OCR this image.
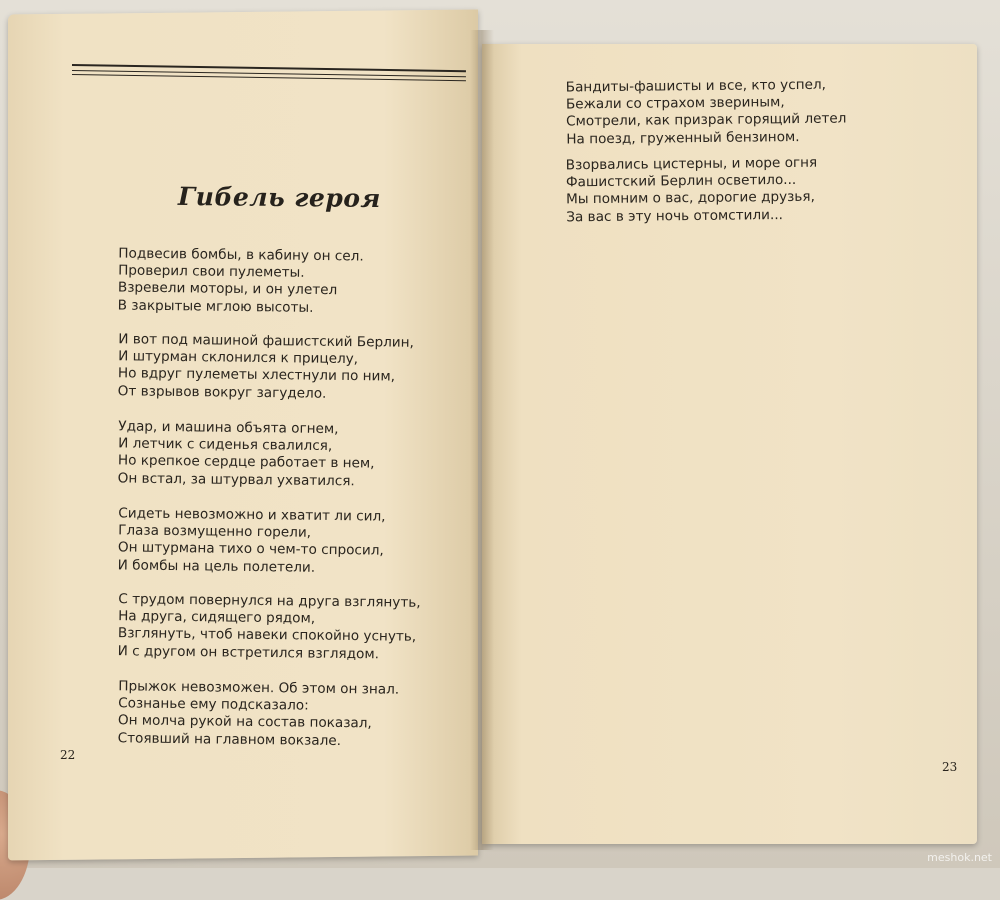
Гибель героя
Подвесив бомбы, в кабину он сел.
Проверил свои пулеметы.
Взревели моторы, и он улетел
В закрытые мглою высоты.
И вот под машиной фашистский Берлин,
И штурман склонился к прицелу,
Но вдруг пулеметы хлестнули по ним,
От взрывов вокруг загудело.
Удар, и машина объята огнем,
И летчик с сиденья свалился,
Но крепкое сердце работает в нем,
Он встал, за штурвал ухватился.
Сидеть невозможно и хватит ли сил,
Глаза возмущенно горели,
Он штурмана тихо о чем-то спросил,
И бомбы на цель полетели.
С трудом повернулся на друга взглянуть,
На друга, сидящего рядом,
Взглянуть, чтоб навеки спокойно уснуть,
И с другом он встретился взглядом.
Прыжок невозможен. Об этом он знал.
Сознанье ему подсказало:
Он молча рукой на состав показал,
Стоявший на главном вокзале.
Бандиты-фашисты и все, кто успел,
Бежали со страхом звериным,
Смотрели, как призрак горящий летел
На поезд, груженный бензином.
Взорвались цистерны, и море огня
Фашистский Берлин осветило...
Мы помним о вас, дорогие друзья,
За вас в эту ночь отомстили...
22
23
meshok.net
